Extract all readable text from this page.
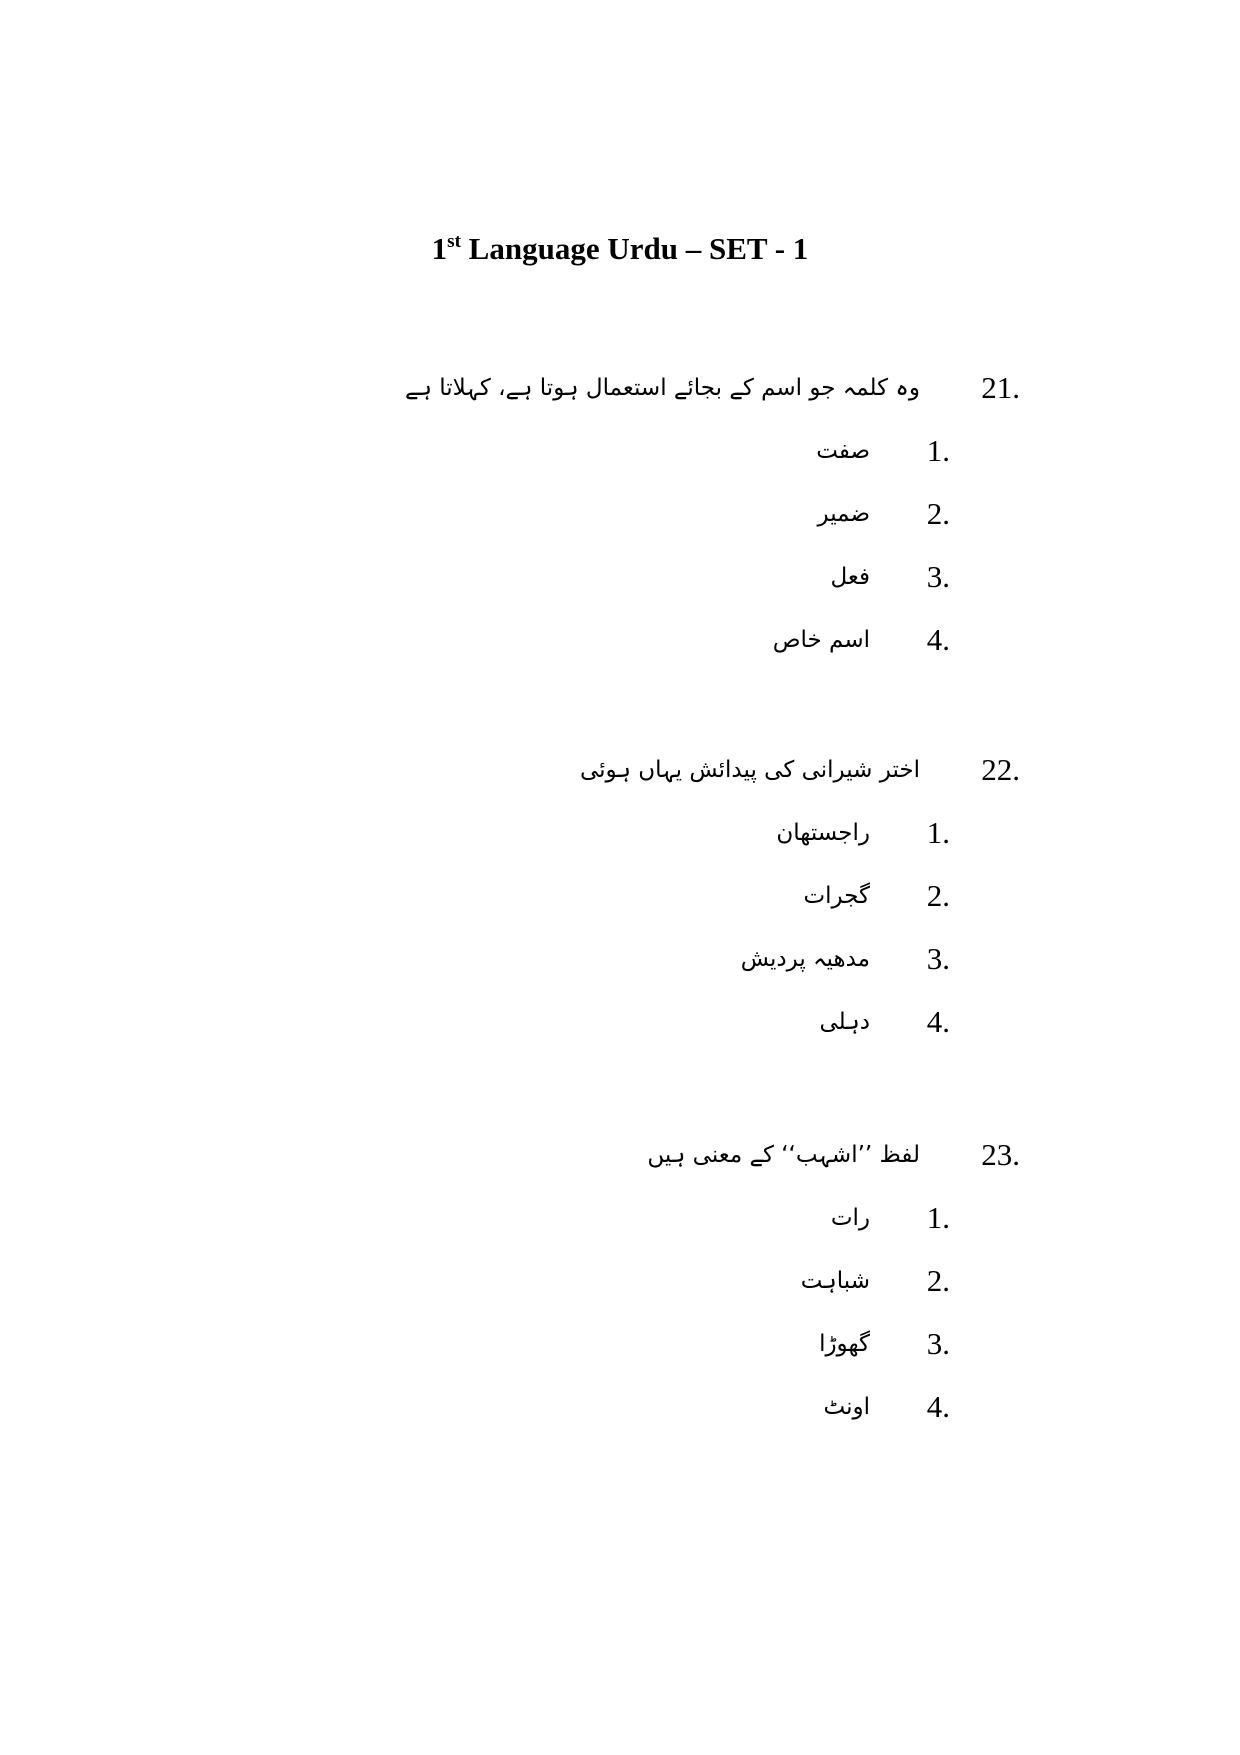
1st Language Urdu – SET - 1
21.
وہ کلمہ جو اسم کے بجائے استعمال ہوتا ہے، کہلاتا ہے
1.
صفت
2.
ضمیر
3.
فعل
4.
اسم خاص
22.
اختر شیرانی کی پیدائش یہاں ہوئی
1.
راجستھان
2.
گجرات
3.
مدھیہ پردیش
4.
دہلی
23.
لفظ ’’اشہب‘‘ کے معنی ہیں
1.
رات
2.
شباہت
3.
گھوڑا
4.
اونٹ
